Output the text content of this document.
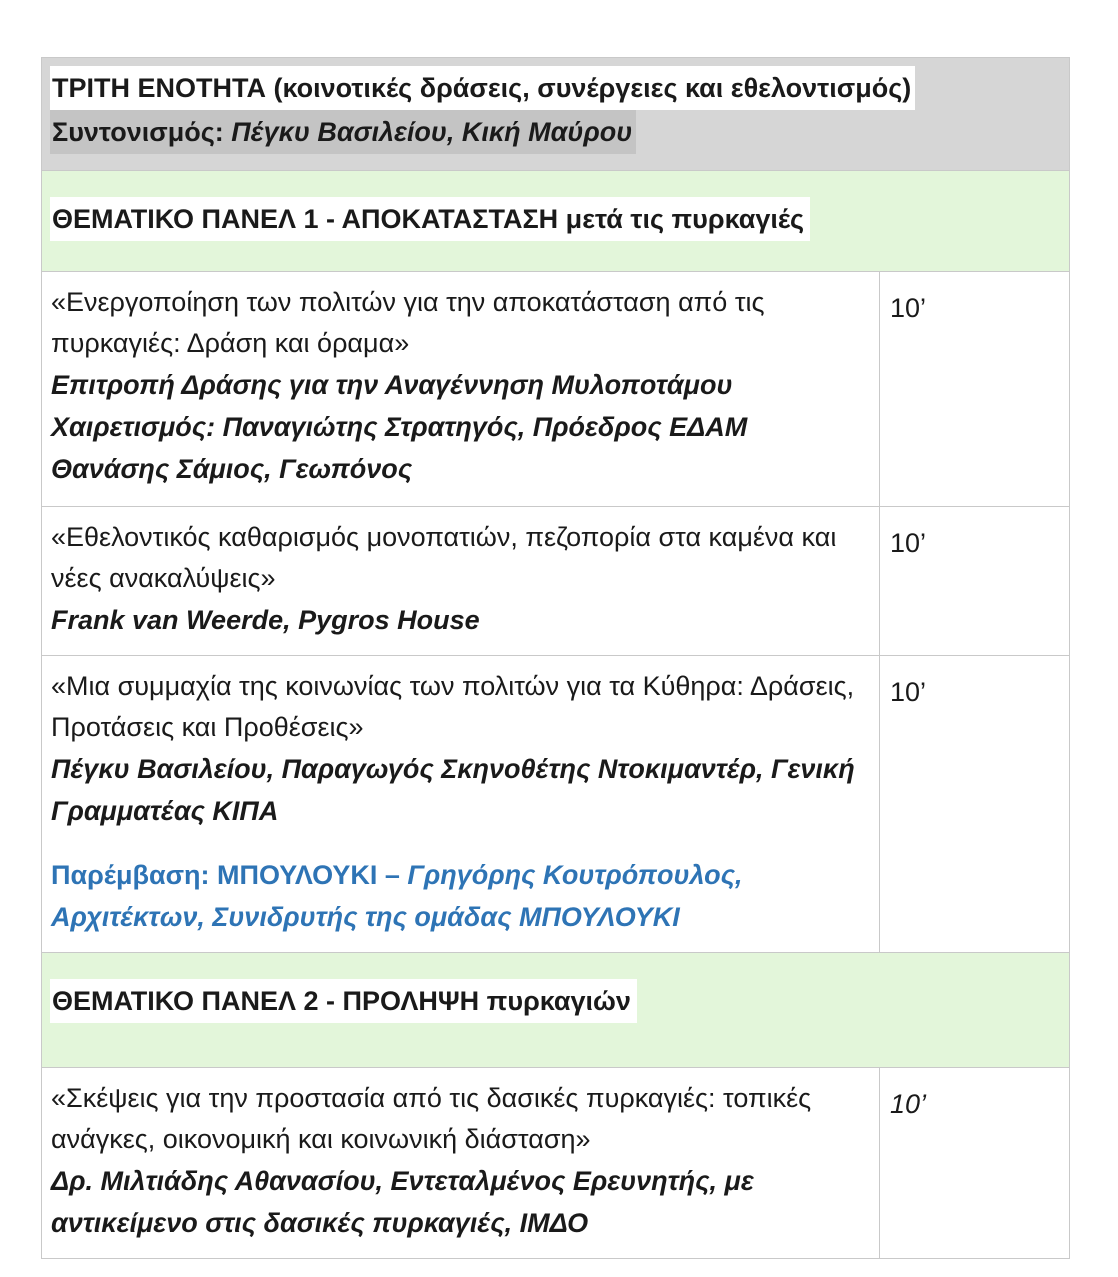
ΤΡΙΤΗ ΕΝΟΤΗΤΑ (κοινοτικές δράσεις, συνέργειες και εθελοντισμός)
Συντονισμός: Πέγκυ Βασιλείου, Κική Μαύρου	

ΘΕΜΑΤΙΚΟ ΠΑΝΕΛ 1 - ΑΠΟΚΑΤΑΣΤΑΣΗ μετά τις πυρκαγιές	

«Ενεργοποίηση των πολιτών για την αποκατάσταση από τις πυρκαγιές: Δράση και όραμα»
Επιτροπή Δράσης για την Αναγέννηση Μυλοποτάμου
Χαιρετισμός: Παναγιώτης Στρατηγός, Πρόεδρος ΕΔΑΜ
Θανάσης Σάμιος, Γεωπόνος	10’

«Εθελοντικός καθαρισμός μονοπατιών, πεζοπορία στα καμένα και νέες ανακαλύψεις»
Frank van Weerde, Pygros House	10’

«Μια συμμαχία της κοινωνίας των πολιτών για τα Κύθηρα: Δράσεις, Προτάσεις και Προθέσεις»
Πέγκυ Βασιλείου, Παραγωγός Σκηνοθέτης Ντοκιμαντέρ, Γενική Γραμματέας ΚΙΠΑ
Παρέμβαση: ΜΠΟΥΛΟΥΚΙ – Γρηγόρης Κουτρόπουλος, Αρχιτέκτων, Συνιδρυτής της ομάδας ΜΠΟΥΛΟΥΚΙ	10’

ΘΕΜΑΤΙΚΟ ΠΑΝΕΛ 2 - ΠΡΟΛΗΨΗ πυρκαγιών	

«Σκέψεις για την προστασία από τις δασικές πυρκαγιές: τοπικές ανάγκες, οικονομική και κοινωνική διάσταση»
Δρ. Μιλτιάδης Αθανασίου, Εντεταλμένος Ερευνητής, με αντικείμενο στις δασικές πυρκαγιές, ΙΜΔΟ	10’
